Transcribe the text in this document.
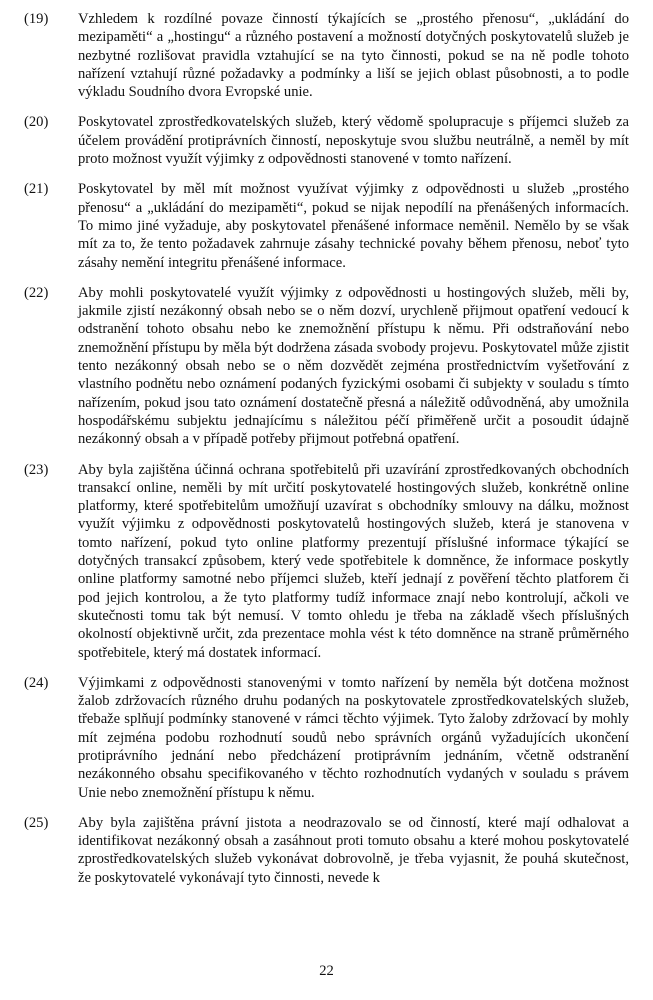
(19)	Vzhledem k rozdílné povaze činností týkajících se „prostého přenosu“, „ukládání do mezipaměti“ a „hostingu“ a různého postavení a možností dotyčných poskytovatelů služeb je nezbytné rozlišovat pravidla vztahující se na tyto činnosti, pokud se na ně podle tohoto nařízení vztahují různé požadavky a podmínky a liší se jejich oblast působnosti, a to podle výkladu Soudního dvora Evropské unie.
(20)	Poskytovatel zprostředkovatelských služeb, který vědomě spolupracuje s příjemci služeb za účelem provádění protiprávních činností, neposkytuje svou službu neutrálně, a neměl by mít proto možnost využít výjimky z odpovědnosti stanovené v tomto nařízení.
(21)	Poskytovatel by měl mít možnost využívat výjimky z odpovědnosti u služeb „prostého přenosu“ a „ukládání do mezipaměti“, pokud se nijak nepodílí na přenášených informacích. To mimo jiné vyžaduje, aby poskytovatel přenášené informace neměnil. Nemělo by se však mít za to, že tento požadavek zahrnuje zásahy technické povahy během přenosu, neboť tyto zásahy nemění integritu přenášené informace.
(22)	Aby mohli poskytovatelé využít výjimky z odpovědnosti u hostingových služeb, měli by, jakmile zjistí nezákonný obsah nebo se o něm dozví, urychleně přijmout opatření vedoucí k odstranění tohoto obsahu nebo ke znemožnění přístupu k němu. Při odstraňování nebo znemožnění přístupu by měla být dodržena zásada svobody projevu. Poskytovatel může zjistit tento nezákonný obsah nebo se o něm dozvědět zejména prostřednictvím vyšetřování z vlastního podnětu nebo oznámení podaných fyzickými osobami či subjekty v souladu s tímto nařízením, pokud jsou tato oznámení dostatečně přesná a náležitě odůvodněná, aby umožnila hospodářskému subjektu jednajícímu s náležitou péčí přiměřeně určit a posoudit údajně nezákonný obsah a v případě potřeby přijmout potřebná opatření.
(23)	Aby byla zajištěna účinná ochrana spotřebitelů při uzavírání zprostředkovaných obchodních transakcí online, neměli by mít určití poskytovatelé hostingových služeb, konkrétně online platformy, které spotřebitelům umožňují uzavírat s obchodníky smlouvy na dálku, možnost využít výjimku z odpovědnosti poskytovatelů hostingových služeb, která je stanovena v tomto nařízení, pokud tyto online platformy prezentují příslušné informace týkající se dotyčných transakcí způsobem, který vede spotřebitele k domněnce, že informace poskytly online platformy samotné nebo příjemci služeb, kteří jednají z pověření těchto platforem či pod jejich kontrolou, a že tyto platformy tudíž informace znají nebo kontrolují, ačkoli ve skutečnosti tomu tak být nemusí. V tomto ohledu je třeba na základě všech příslušných okolností objektivně určit, zda prezentace mohla vést k této domněnce na straně průměrného spotřebitele, který má dostatek informací.
(24)	Výjimkami z odpovědnosti stanovenými v tomto nařízení by neměla být dotčena možnost žalob zdržovacích různého druhu podaných na poskytovatele zprostředkovatelských služeb, třebaže splňují podmínky stanovené v rámci těchto výjimek. Tyto žaloby zdržovací by mohly mít zejména podobu rozhodnutí soudů nebo správních orgánů vyžadujících ukončení protiprávního jednání nebo předcházení protiprávním jednáním, včetně odstranění nezákonného obsahu specifikovaného v těchto rozhodnutích vydaných v souladu s právem Unie nebo znemožnění přístupu k němu.
(25)	Aby byla zajištěna právní jistota a neodrazovalo se od činností, které mají odhalovat a identifikovat nezákonný obsah a zasáhnout proti tomuto obsahu a které mohou poskytovatelé zprostředkovatelských služeb vykonávat dobrovolně, je třeba vyjasnit, že pouhá skutečnost, že poskytovatelé vykonávají tyto činnosti, nevede k
22
